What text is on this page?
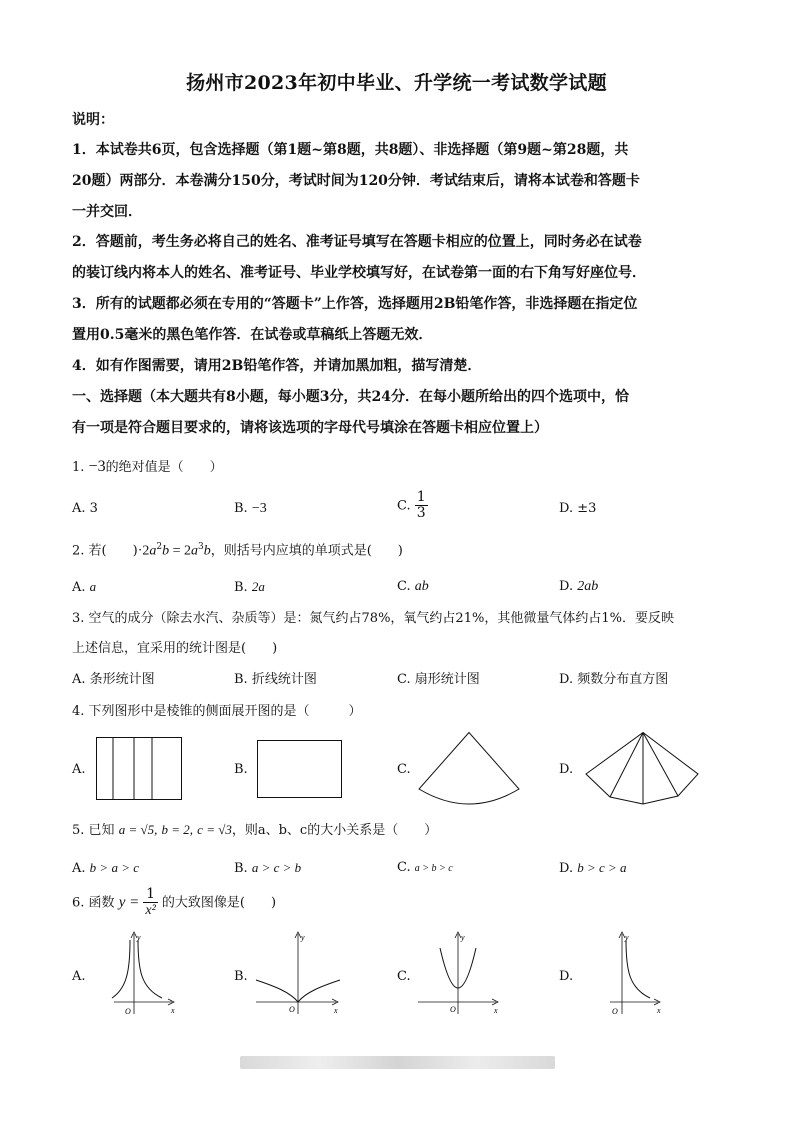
扬州市2023年初中毕业、升学统一考试数学试题
说明：
1．本试卷共6页，包含选择题（第1题~第8题，共8题）、非选择题（第9题~第28题，共
20题）两部分．本卷满分150分，考试时间为120分钟．考试结束后，请将本试卷和答题卡
一并交回．
2．答题前，考生务必将自己的姓名、准考证号填写在答题卡相应的位置上，同时务必在试卷
的装订线内将本人的姓名、准考证号、毕业学校填写好，在试卷第一面的右下角写好座位号．
3．所有的试题都必须在专用的“答题卡”上作答，选择题用2B铅笔作答，非选择题在指定位
置用0.5毫米的黑色笔作答．在试卷或草稿纸上答题无效．
4．如有作图需要，请用2B铅笔作答，并请加黑加粗，描写清楚．
一、选择题（本大题共有8小题，每小题3分，共24分．在每小题所给出的四个选项中，恰
有一项是符合题目要求的，请将该选项的字母代号填涂在答题卡相应位置上）
1. −3的绝对值是（　　）
A. 3	B. −3	C. $\frac{1}{3}$	D. ±3
2. 若(　　)$\cdot 2a^2b = 2a^3b$，则括号内应填的单项式是(　　)
A. a	B. 2a	C. ab	D. 2ab
3. 空气的成分（除去水汽、杂质等）是：氮气约占78%，氧气约占21%，其他微量气体约占1%．要反映
上述信息，宜采用的统计图是(　　)
A. 条形统计图	B. 折线统计图	C. 扇形统计图	D. 频数分布直方图
4. 下列图形中是棱锥的侧面展开图的是（　　　）
A.	B.	C.	D.
5. 已知 a = √5, b = 2, c = √3，则a、b、c的大小关系是（　　）
A. b > a > c	B. a > c > b	C. a > b > c	D. b > c > a
6. 函数 $y = \frac{1}{\text{x²}}$ 的大致图像是(　　)
A.	B.	C.	D.
y
x
O
y
x
O
y
x
O
y
x
O
